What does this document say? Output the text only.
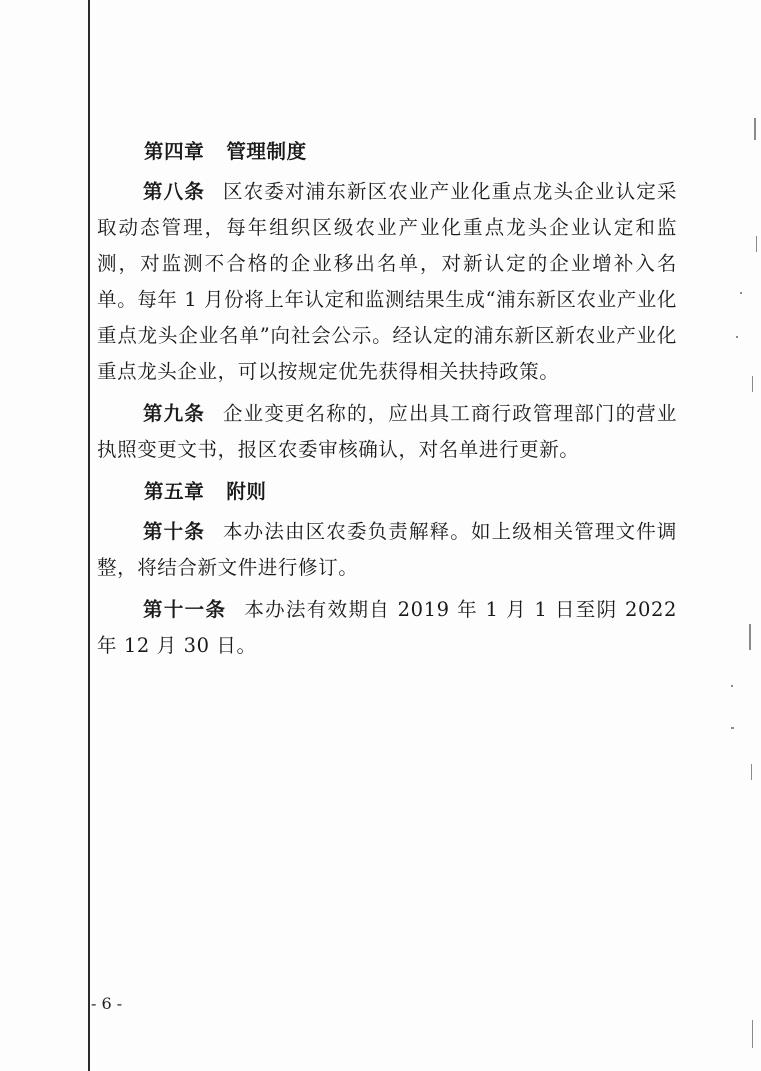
第四章 管理制度

第八条 区农委对浦东新区农业产业化重点龙头企业认定采取动态管理，每年组织区级农业产业化重点龙头企业认定和监测，对监测不合格的企业移出名单，对新认定的企业增补入名单。每年 1 月份将上年认定和监测结果生成“浦东新区农业产业化重点龙头企业名单”向社会公示。经认定的浦东新区新农业产业化重点龙头企业，可以按规定优先获得相关扶持政策。

第九条 企业变更名称的，应出具工商行政管理部门的营业执照变更文书，报区农委审核确认，对名单进行更新。

第五章 附则

第十条 本办法由区农委负责解释。如上级相关管理文件调整，将结合新文件进行修订。

第十一条 本办法有效期自 2019 年 1 月 1 日至阴 2022 年 12 月 30 日。

- 6 -
